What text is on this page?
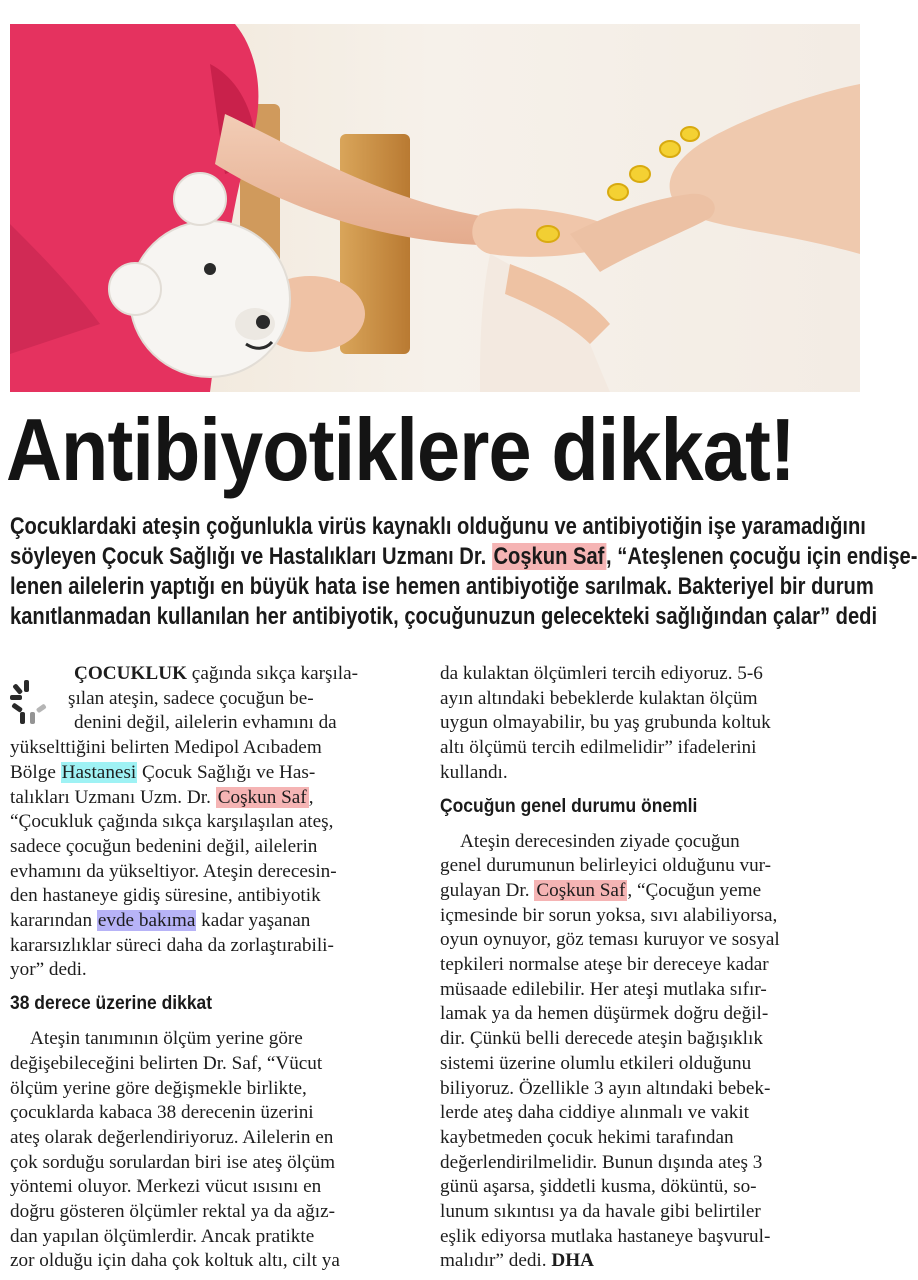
Antibiyotiklere dikkat!
Çocuklardaki ateşin çoğunlukla virüs kaynaklı olduğunu ve antibiyotiğin işe yaramadığını
söyleyen Çocuk Sağlığı ve Hastalıkları Uzmanı Dr. Coşkun Saf, “Ateşlenen çocuğu için endişe-
lenen ailelerin yaptığı en büyük hata ise hemen antibiyotiğe sarılmak. Bakteriyel bir durum
kanıtlanmadan kullanılan her antibiyotik, çocuğunuzun gelecekteki sağlığından çalar” dedi
ÇOCUKLUK çağında sıkça karşıla-
şılan ateşin, sadece çocuğun be-
denini değil, ailelerin evhamını da
yükselttiğini belirten Medipol Acıbadem
Bölge Hastanesi Çocuk Sağlığı ve Has-
talıkları Uzmanı Uzm. Dr. Coşkun Saf ,
“Çocukluk çağında sıkça karşılaşılan ateş,
sadece çocuğun bedenini değil, ailelerin
evhamını da yükseltiyor. Ateşin derecesin-
den hastaneye gidiş süresine, antibiyotik
kararından evde bakıma kadar yaşanan
kararsızlıklar süreci daha da zorlaştırabili-
yor” dedi.
38 derece üzerine dikkat
Ateşin tanımının ölçüm yerine göre
değişebileceğini belirten Dr. Saf, “Vücut
ölçüm yerine göre değişmekle birlikte,
çocuklarda kabaca 38 derecenin üzerini
ateş olarak değerlendiriyoruz. Ailelerin en
çok sorduğu sorulardan biri ise ateş ölçüm
yöntemi oluyor. Merkezi vücut ısısını en
doğru gösteren ölçümler rektal ya da ağız-
dan yapılan ölçümlerdir. Ancak pratikte
zor olduğu için daha çok koltuk altı, cilt ya
da kulaktan ölçümleri tercih ediyoruz. 5-6
ayın altındaki bebeklerde kulaktan ölçüm
uygun olmayabilir, bu yaş grubunda koltuk
altı ölçümü tercih edilmelidir” ifadelerini
kullandı.
Çocuğun genel durumu önemli
Ateşin derecesinden ziyade çocuğun
genel durumunun belirleyici olduğunu vur-
gulayan Dr. Coşkun Saf , “Çocuğun yeme
içmesinde bir sorun yoksa, sıvı alabiliyorsa,
oyun oynuyor, göz teması kuruyor ve sosyal
tepkileri normalse ateşe bir dereceye kadar
müsaade edilebilir. Her ateşi mutlaka sıfır-
lamak ya da hemen düşürmek doğru değil-
dir. Çünkü belli derecede ateşin bağışıklık
sistemi üzerine olumlu etkileri olduğunu
biliyoruz. Özellikle 3 ayın altındaki bebek-
lerde ateş daha ciddiye alınmalı ve vakit
kaybetmeden çocuk hekimi tarafından
değerlendirilmelidir. Bunun dışında ateş 3
günü aşarsa, şiddetli kusma, döküntü, so-
lunum sıkıntısı ya da havale gibi belirtiler
eşlik ediyorsa mutlaka hastaneye başvurul-
malıdır” dedi. DHA
